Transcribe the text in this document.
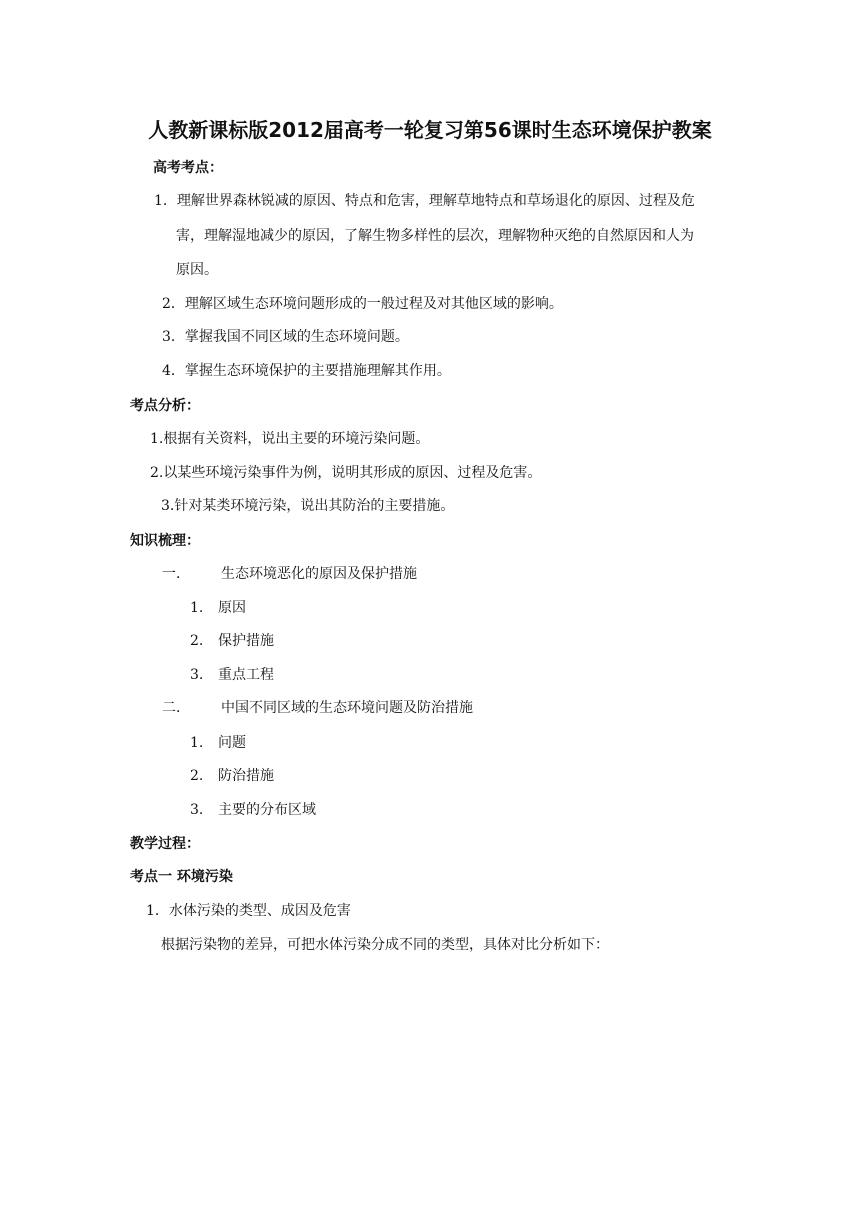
人教新课标版2012届高考一轮复习第56课时生态环境保护教案
高考考点：
1．理解世界森林锐减的原因、特点和危害，理解草地特点和草场退化的原因、过程及危
害，理解湿地减少的原因，了解生物多样性的层次，理解物种灭绝的自然原因和人为
原因。
2．理解区域生态环境问题形成的一般过程及对其他区域的影响。
3．掌握我国不同区域的生态环境问题。
4．掌握生态环境保护的主要措施理解其作用。
考点分析：
1.根据有关资料，说出主要的环境污染问题。
2.以某些环境污染事件为例，说明其形成的原因、过程及危害。
3.针对某类环境污染，说出其防治的主要措施。
知识梳理：
一． 生态环境恶化的原因及保护措施
1. 原因
2. 保护措施
3. 重点工程
二． 中国不同区域的生态环境问题及防治措施
1. 问题
2. 防治措施
3. 主要的分布区域
教学过程：
考点一 环境污染
1．水体污染的类型、成因及危害
根据污染物的差异，可把水体污染分成不同的类型，具体对比分析如下：
